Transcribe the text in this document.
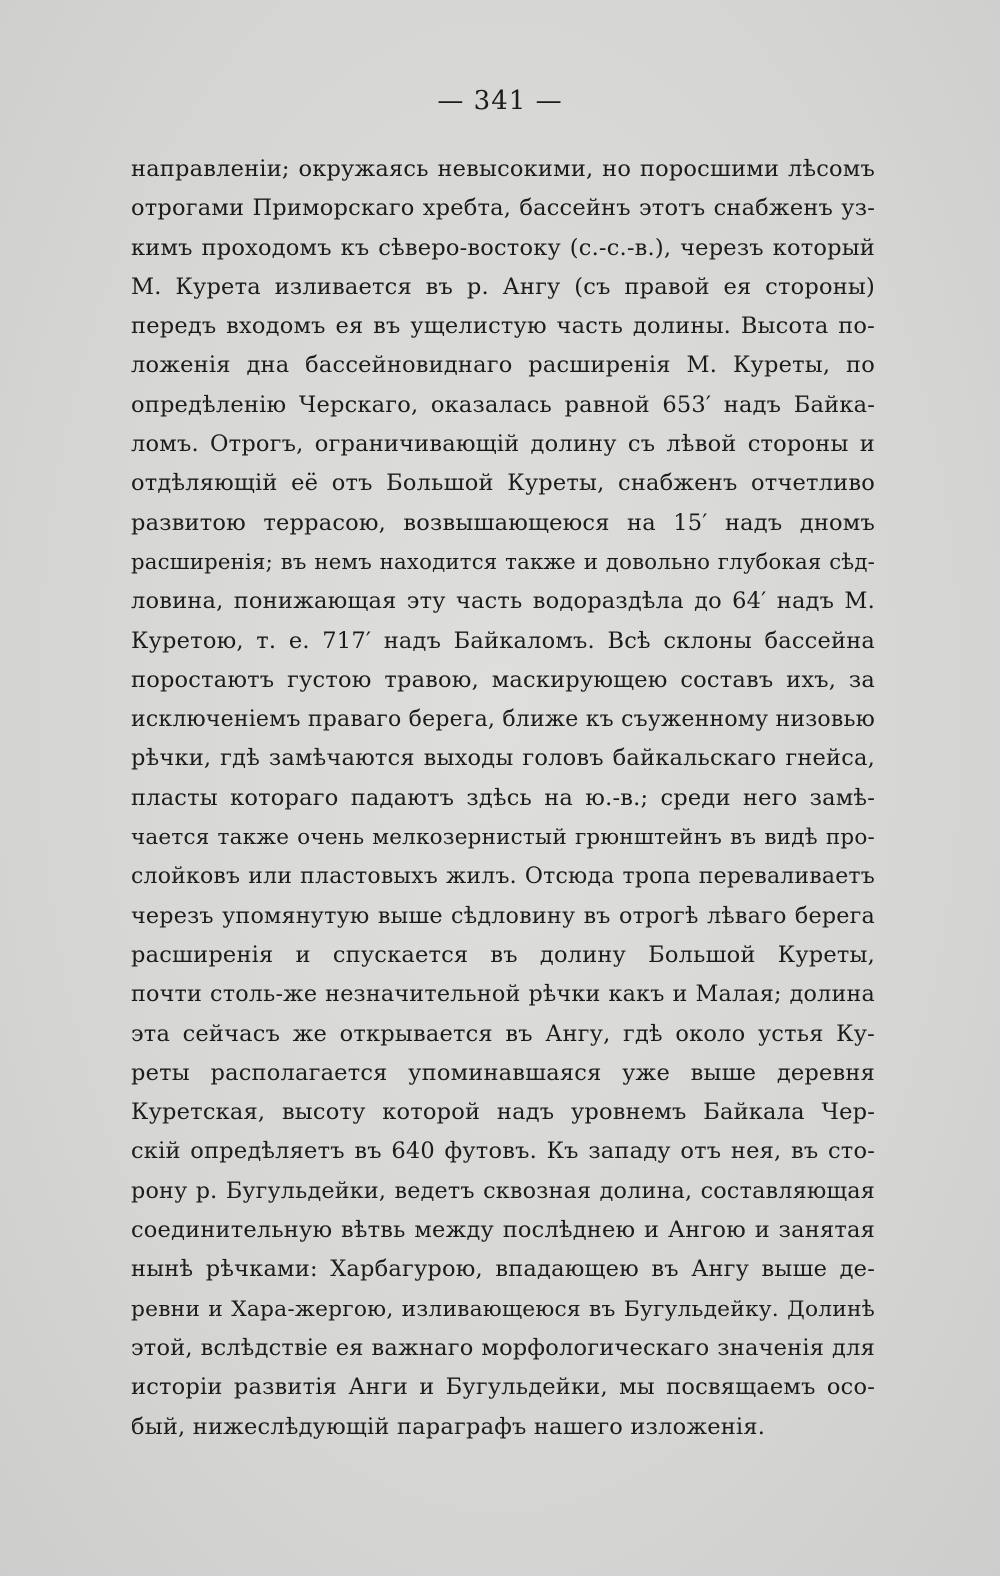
— 341 —
направленіи; окружаясь невысокими, но поросшими лѣсомъ
отрогами Приморскаго хребта, бассейнъ этотъ снабженъ уз-
кимъ проходомъ къ сѣверо-востоку (с.-с.-в.), черезъ который
М. Курета изливается въ р. Ангу (съ правой ея стороны)
передъ входомъ ея въ ущелистую часть долины. Высота по-
ложенія дна бассейновиднаго расширенія М. Куреты, по
опредѣленію Черскаго, оказалась равной 653′ надъ Байка-
ломъ. Отрогъ, ограничивающій долину съ лѣвой стороны и
отдѣляющій её отъ Большой Куреты, снабженъ отчетливо
развитою террасою, возвышающеюся на 15′ надъ дномъ
расширенія; въ немъ находится также и довольно глубокая сѣд-
ловина, понижающая эту часть водораздѣла до 64′ надъ М.
Куретою, т. е. 717′ надъ Байкаломъ. Всѣ склоны бассейна
поростаютъ густою травою, маскирующею составъ ихъ, за
исключеніемъ праваго берега, ближе къ съуженному низовью
рѣчки, гдѣ замѣчаются выходы головъ байкальскаго гнейса,
пласты котораго падаютъ здѣсь на ю.-в.; среди него замѣ-
чается также очень мелкозернистый грюнштейнъ въ видѣ про-
слойковъ или пластовыхъ жилъ. Отсюда тропа переваливаетъ
черезъ упомянутую выше сѣдловину въ отрогѣ лѣваго берега
расширенія и спускается въ долину Большой Куреты,
почти столь-же незначительной рѣчки какъ и Малая; долина
эта сейчасъ же открывается въ Ангу, гдѣ около устья Ку-
реты располагается упоминавшаяся уже выше деревня
Куретская, высоту которой надъ уровнемъ Байкала Чер-
скій опредѣляетъ въ 640 футовъ. Къ западу отъ нея, въ сто-
рону р. Бугульдейки, ведетъ сквозная долина, составляющая
соединительную вѣтвь между послѣднею и Ангою и занятая
нынѣ рѣчками: Харбагурою, впадающею въ Ангу выше де-
ревни и Хара-жергою, изливающеюся въ Бугульдейку. Долинѣ
этой, вслѣдствіе ея важнаго морфологическаго значенія для
исторіи развитія Анги и Бугульдейки, мы посвящаемъ осо-
бый, нижеслѣдующій параграфъ нашего изложенія.
